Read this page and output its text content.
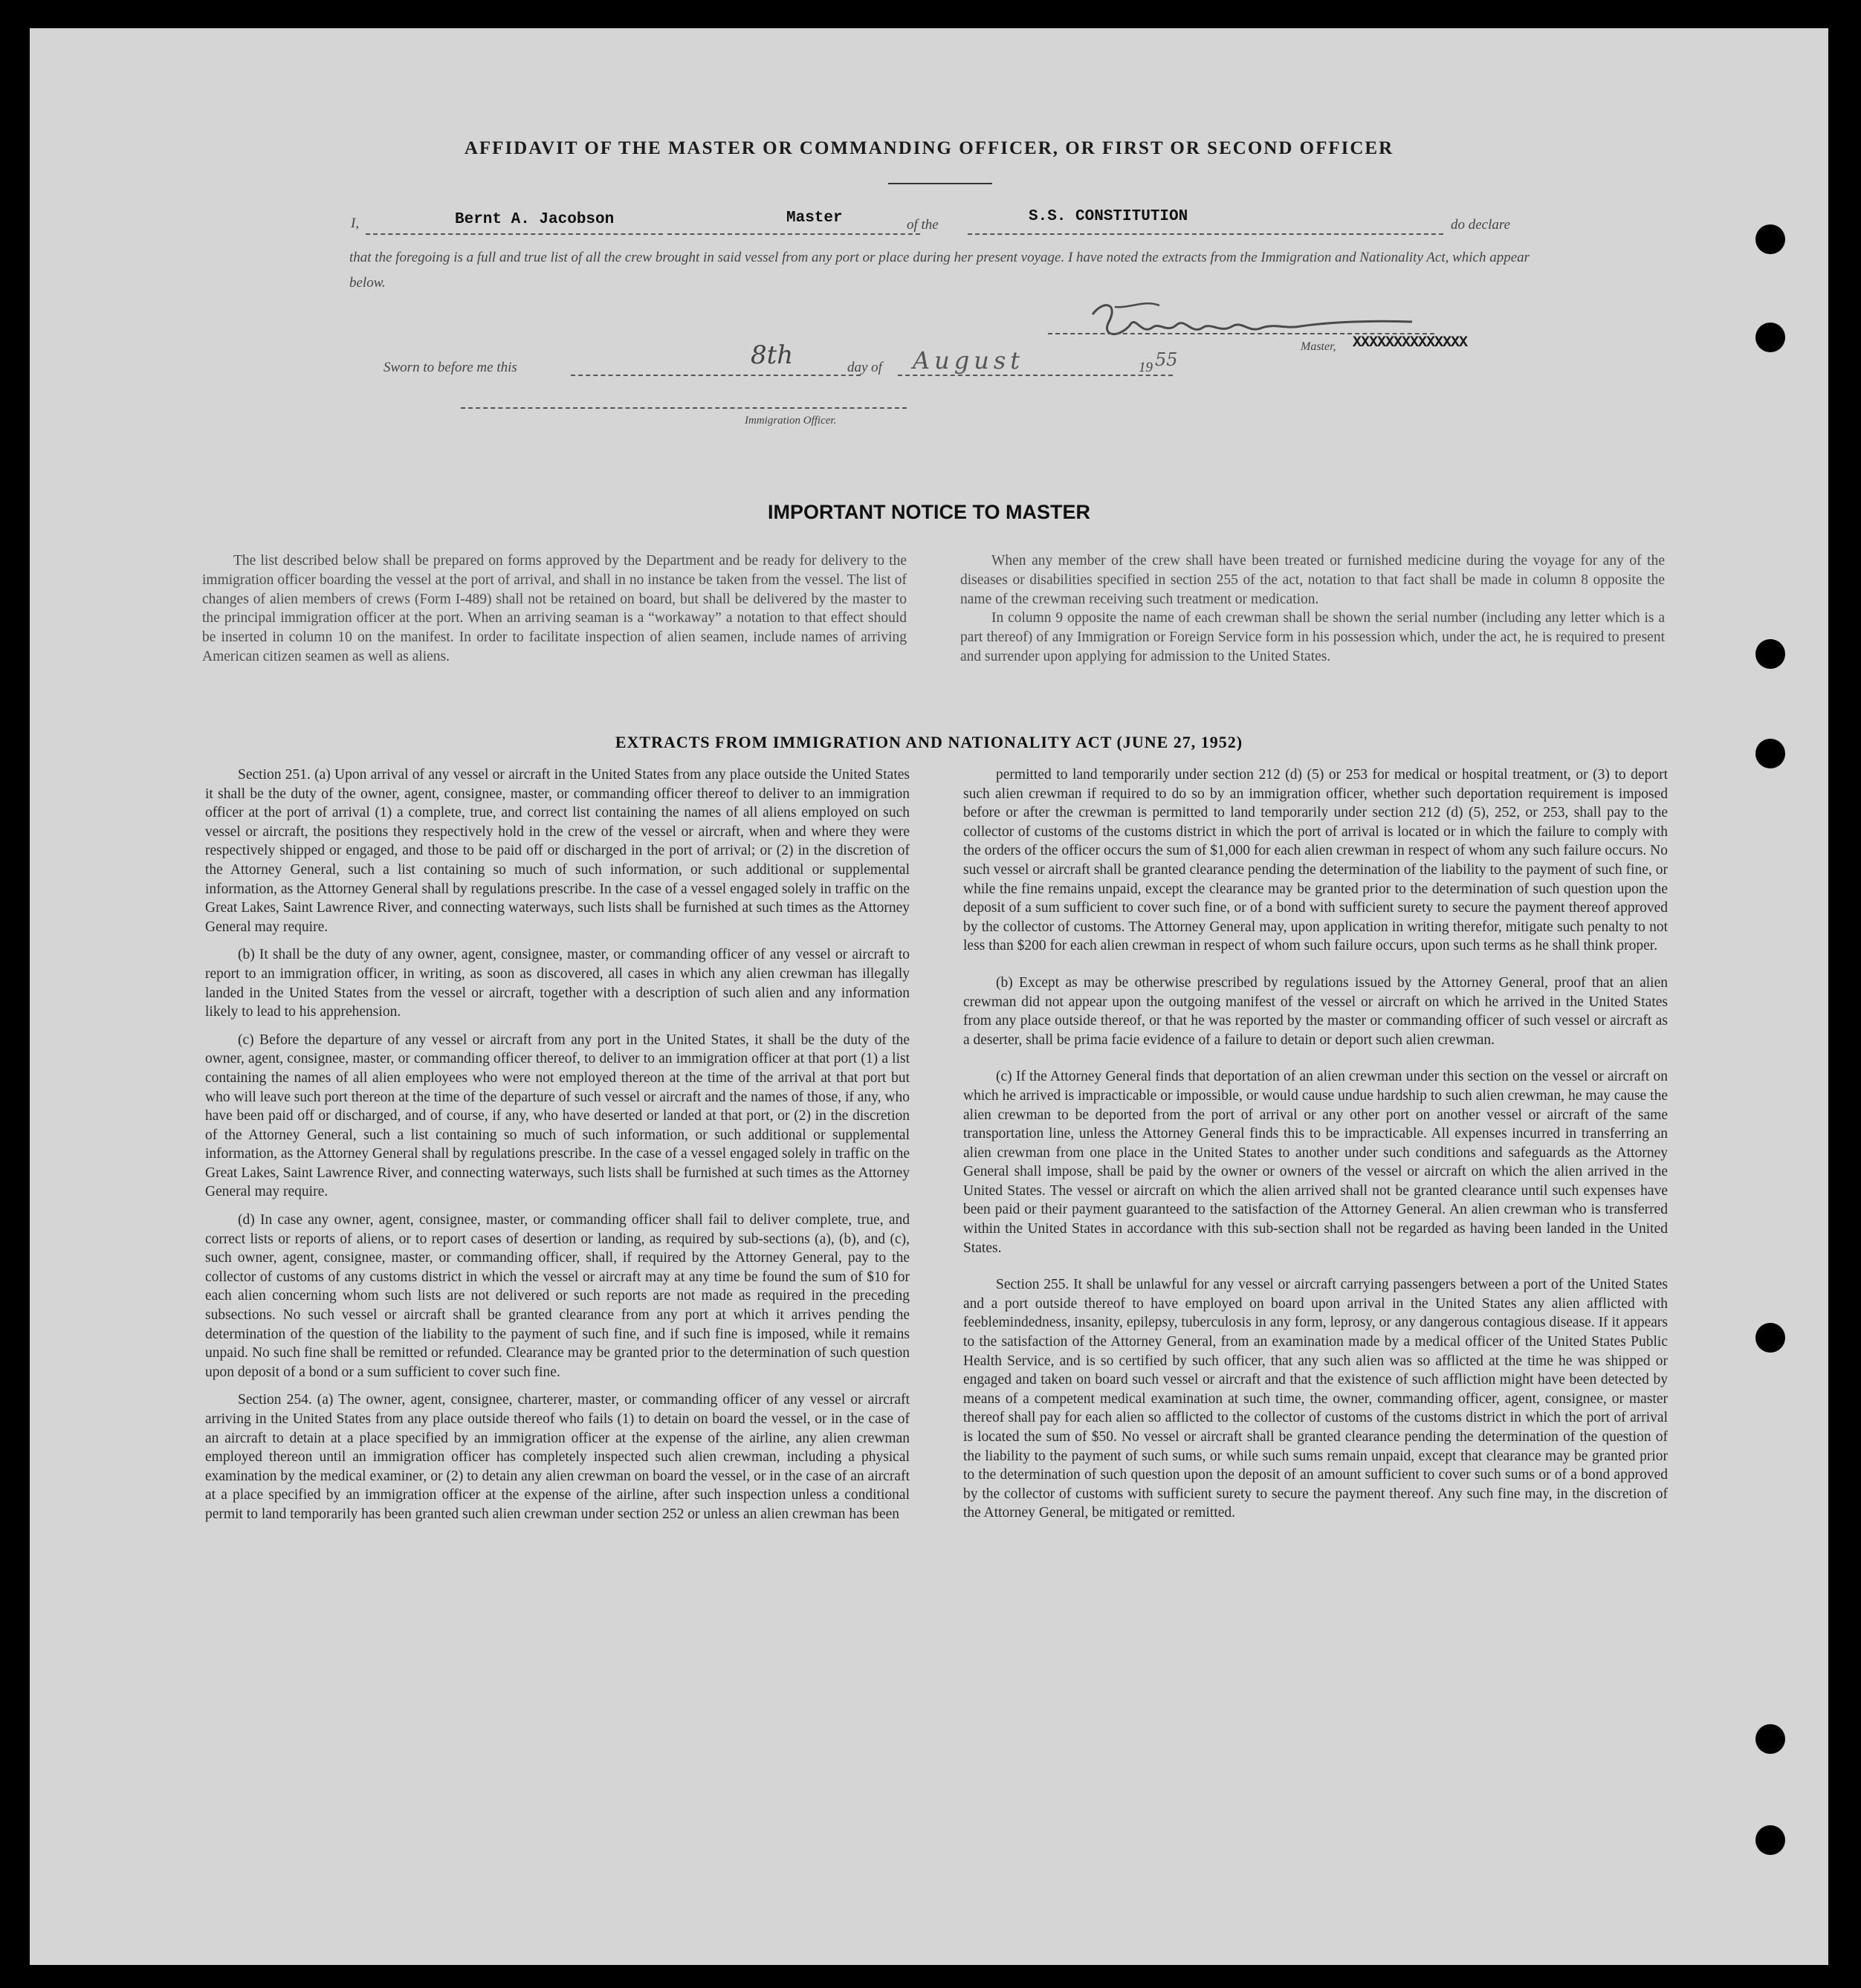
AFFIDAVIT OF THE MASTER OR COMMANDING OFFICER, OR FIRST OR SECOND OFFICER
I,	Bernt A. Jacobson	Master	of the	S.S. CONSTITUTION	do declare
that the foregoing is a full and true list of all the crew brought in said vessel from any port or place during her present voyage. I have noted the extracts from the Immigration and Nationality Act, which appear below.
Master, XXXXXXXXXXXXXX
Sworn to before me this	8th	day of August	19 55
Immigration Officer.
IMPORTANT NOTICE TO MASTER

The list described below shall be prepared on forms approved by the Department and be ready for delivery to the immigration officer boarding the vessel at the port of arrival, and shall in no instance be taken from the vessel. The list of changes of alien members of crews (Form I-489) shall not be retained on board, but shall be delivered by the master to the principal immigration officer at the port. When an arriving seaman is a “workaway” a notation to that effect should be inserted in column 10 on the manifest. In order to facilitate inspection of alien seamen, include names of arriving American citizen seamen as well as aliens.

When any member of the crew shall have been treated or furnished medicine during the voyage for any of the diseases or disabilities specified in section 255 of the act, notation to that fact shall be made in column 8 opposite the name of the crewman receiving such treatment or medication.

In column 9 opposite the name of each crewman shall be shown the serial number (including any letter which is a part thereof) of any Immigration or Foreign Service form in his possession which, under the act, he is required to present and surrender upon applying for admission to the United States.

EXTRACTS FROM IMMIGRATION AND NATIONALITY ACT (JUNE 27, 1952)

Section 251. (a) Upon arrival of any vessel or aircraft in the United States from any place outside the United States it shall be the duty of the owner, agent, consignee, master, or commanding officer thereof to deliver to an immigration officer at the port of arrival (1) a complete, true, and correct list containing the names of all aliens employed on such vessel or aircraft, the positions they respectively hold in the crew of the vessel or aircraft, when and where they were respectively shipped or engaged, and those to be paid off or discharged in the port of arrival; or (2) in the discretion of the Attorney General, such a list containing so much of such information, or such additional or supplemental information, as the Attorney General shall by regulations prescribe. In the case of a vessel engaged solely in traffic on the Great Lakes, Saint Lawrence River, and connecting waterways, such lists shall be furnished at such times as the Attorney General may require.

(b) It shall be the duty of any owner, agent, consignee, master, or commanding officer of any vessel or aircraft to report to an immigration officer, in writing, as soon as discovered, all cases in which any alien crewman has illegally landed in the United States from the vessel or aircraft, together with a description of such alien and any information likely to lead to his apprehension.

(c) Before the departure of any vessel or aircraft from any port in the United States, it shall be the duty of the owner, agent, consignee, master, or commanding officer thereof, to deliver to an immigration officer at that port (1) a list containing the names of all alien employees who were not employed thereon at the time of the arrival at that port but who will leave such port thereon at the time of the departure of such vessel or aircraft and the names of those, if any, who have been paid off or discharged, and of course, if any, who have deserted or landed at that port, or (2) in the discretion of the Attorney General, such a list containing so much of such information, or such additional or supplemental information, as the Attorney General shall by regulations prescribe. In the case of a vessel engaged solely in traffic on the Great Lakes, Saint Lawrence River, and connecting waterways, such lists shall be furnished at such times as the Attorney General may require.

(d) In case any owner, agent, consignee, master, or commanding officer shall fail to deliver complete, true, and correct lists or reports of aliens, or to report cases of desertion or landing, as required by sub-sections (a), (b), and (c), such owner, agent, consignee, master, or commanding officer, shall, if required by the Attorney General, pay to the collector of customs of any customs district in which the vessel or aircraft may at any time be found the sum of $10 for each alien concerning whom such lists are not delivered or such reports are not made as required in the preceding subsections. No such vessel or aircraft shall be granted clearance from any port at which it arrives pending the determination of the question of the liability to the payment of such fine, and if such fine is imposed, while it remains unpaid. No such fine shall be remitted or refunded. Clearance may be granted prior to the determination of such question upon deposit of a bond or a sum sufficient to cover such fine.

Section 254. (a) The owner, agent, consignee, charterer, master, or commanding officer of any vessel or aircraft arriving in the United States from any place outside thereof who fails (1) to detain on board the vessel, or in the case of an aircraft to detain at a place specified by an immigration officer at the expense of the airline, any alien crewman employed thereon until an immigration officer has completely inspected such alien crewman, including a physical examination by the medical examiner, or (2) to detain any alien crewman on board the vessel, or in the case of an aircraft at a place specified by an immigration officer at the expense of the airline, after such inspection unless a conditional permit to land temporarily has been granted such alien crewman under section 252 or unless an alien crewman has been

permitted to land temporarily under section 212 (d) (5) or 253 for medical or hospital treatment, or (3) to deport such alien crewman if required to do so by an immigration officer, whether such deportation requirement is imposed before or after the crewman is permitted to land temporarily under section 212 (d) (5), 252, or 253, shall pay to the collector of customs of the customs district in which the port of arrival is located or in which the failure to comply with the orders of the officer occurs the sum of $1,000 for each alien crewman in respect of whom any such failure occurs. No such vessel or aircraft shall be granted clearance pending the determination of the liability to the payment of such fine, or while the fine remains unpaid, except the clearance may be granted prior to the determination of such question upon the deposit of a sum sufficient to cover such fine, or of a bond with sufficient surety to secure the payment thereof approved by the collector of customs. The Attorney General may, upon application in writing therefor, mitigate such penalty to not less than $200 for each alien crewman in respect of whom such failure occurs, upon such terms as he shall think proper.

(b) Except as may be otherwise prescribed by regulations issued by the Attorney General, proof that an alien crewman did not appear upon the outgoing manifest of the vessel or aircraft on which he arrived in the United States from any place outside thereof, or that he was reported by the master or commanding officer of such vessel or aircraft as a deserter, shall be prima facie evidence of a failure to detain or deport such alien crewman.

(c) If the Attorney General finds that deportation of an alien crewman under this section on the vessel or aircraft on which he arrived is impracticable or impossible, or would cause undue hardship to such alien crewman, he may cause the alien crewman to be deported from the port of arrival or any other port on another vessel or aircraft of the same transportation line, unless the Attorney General finds this to be impracticable. All expenses incurred in transferring an alien crewman from one place in the United States to another under such conditions and safeguards as the Attorney General shall impose, shall be paid by the owner or owners of the vessel or aircraft on which the alien arrived in the United States. The vessel or aircraft on which the alien arrived shall not be granted clearance until such expenses have been paid or their payment guaranteed to the satisfaction of the Attorney General. An alien crewman who is transferred within the United States in accordance with this sub-section shall not be regarded as having been landed in the United States.

Section 255. It shall be unlawful for any vessel or aircraft carrying passengers between a port of the United States and a port outside thereof to have employed on board upon arrival in the United States any alien afflicted with feeblemindedness, insanity, epilepsy, tuberculosis in any form, leprosy, or any dangerous contagious disease. If it appears to the satisfaction of the Attorney General, from an examination made by a medical officer of the United States Public Health Service, and is so certified by such officer, that any such alien was so afflicted at the time he was shipped or engaged and taken on board such vessel or aircraft and that the existence of such affliction might have been detected by means of a competent medical examination at such time, the owner, commanding officer, agent, consignee, or master thereof shall pay for each alien so afflicted to the collector of customs of the customs district in which the port of arrival is located the sum of $50. No vessel or aircraft shall be granted clearance pending the determination of the question of the liability to the payment of such sums, or while such sums remain unpaid, except that clearance may be granted prior to the determination of such question upon the deposit of an amount sufficient to cover such sums or of a bond approved by the collector of customs with sufficient surety to secure the payment thereof. Any such fine may, in the discretion of the Attorney General, be mitigated or remitted.
